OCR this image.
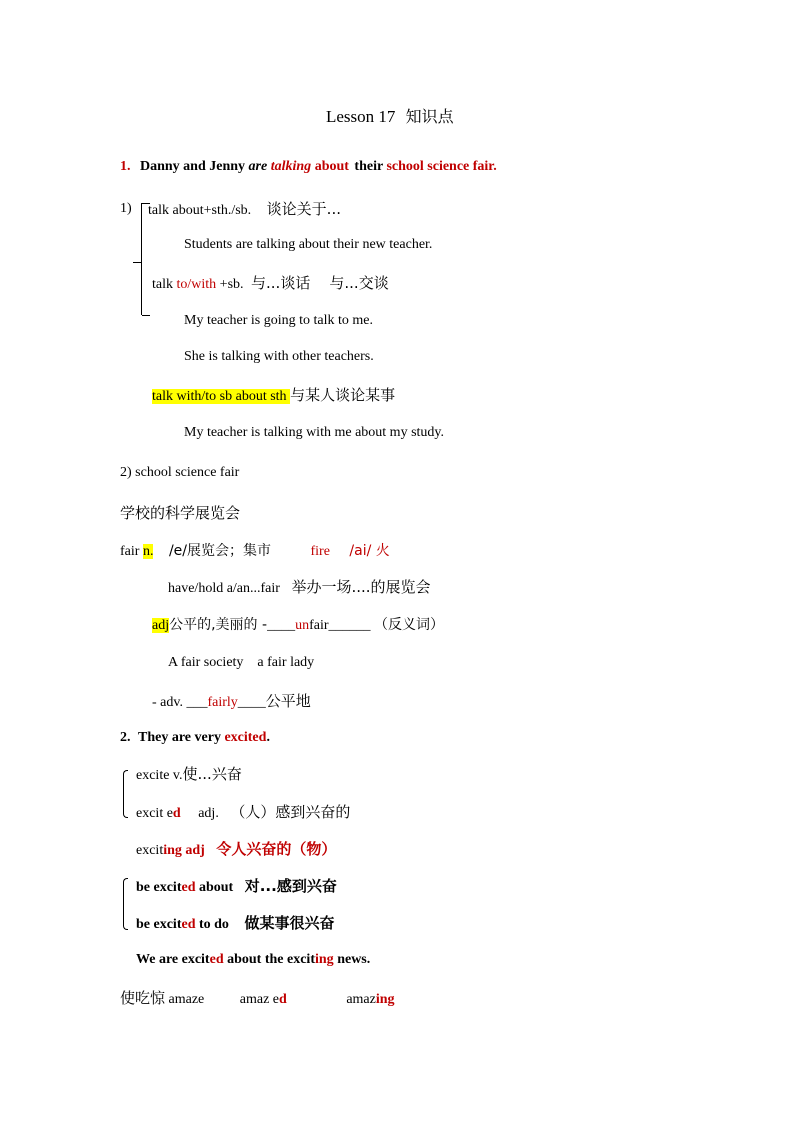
Lesson 17 知识点
1. Danny and Jenny are talking about their school science fair.
1) talk about+sth./sb. 谈论关于...
Students are talking about their new teacher.
talk to/with +sb. 与...谈话    与...交谈
My teacher is going to talk to me.
She is talking with other teachers.
talk with/to sb about sth 与某人谈论某事
My teacher is talking with me about my study.
2) school science fair
学校的科学展览会
fair n. /e/展览会；集市	fire /ai/ 火
have/hold a/an...fair 举办一场....的展览会
adj公平的,美丽的 -____unfair______ （反义词）
A fair society    a fair lady
- adv. ___fairly____公平地
2. They are very excited.
excite v.使...兴奋
excit ed adj. （人）感到兴奋的
exciting adj 令人兴奋的（物）
be excited about 对...感到兴奋
be excited to do 做某事很兴奋
We are excited about the exciting news.
使吃惊 amaze	amaz ed	amazing
